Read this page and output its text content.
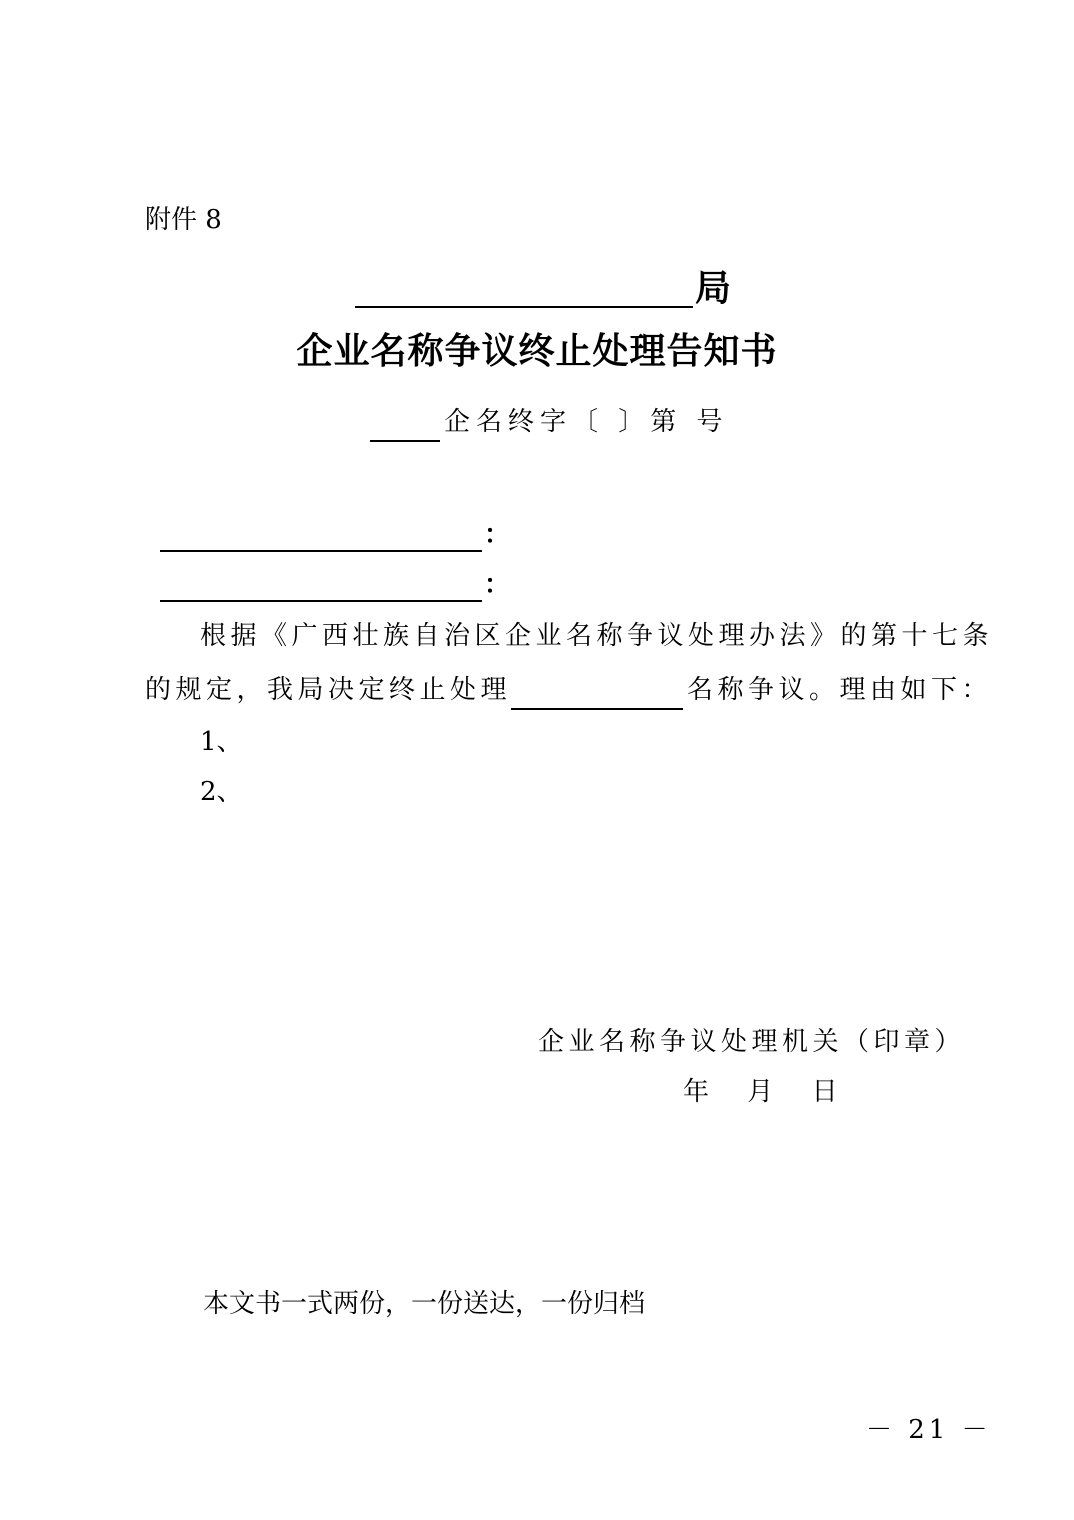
附件 8
局
企业名称争议终止处理告知书
企名终字〔 〕第 号
：
：
根据《广西壮族自治区企业名称争议处理办法》的第十七条
的规定，我局决定终止处理	名称争议。理由如下：
1、
2、
企业名称争议处理机关（印章）
年 月 日
本文书一式两份，一份送达，一份归档
－ 21 －
